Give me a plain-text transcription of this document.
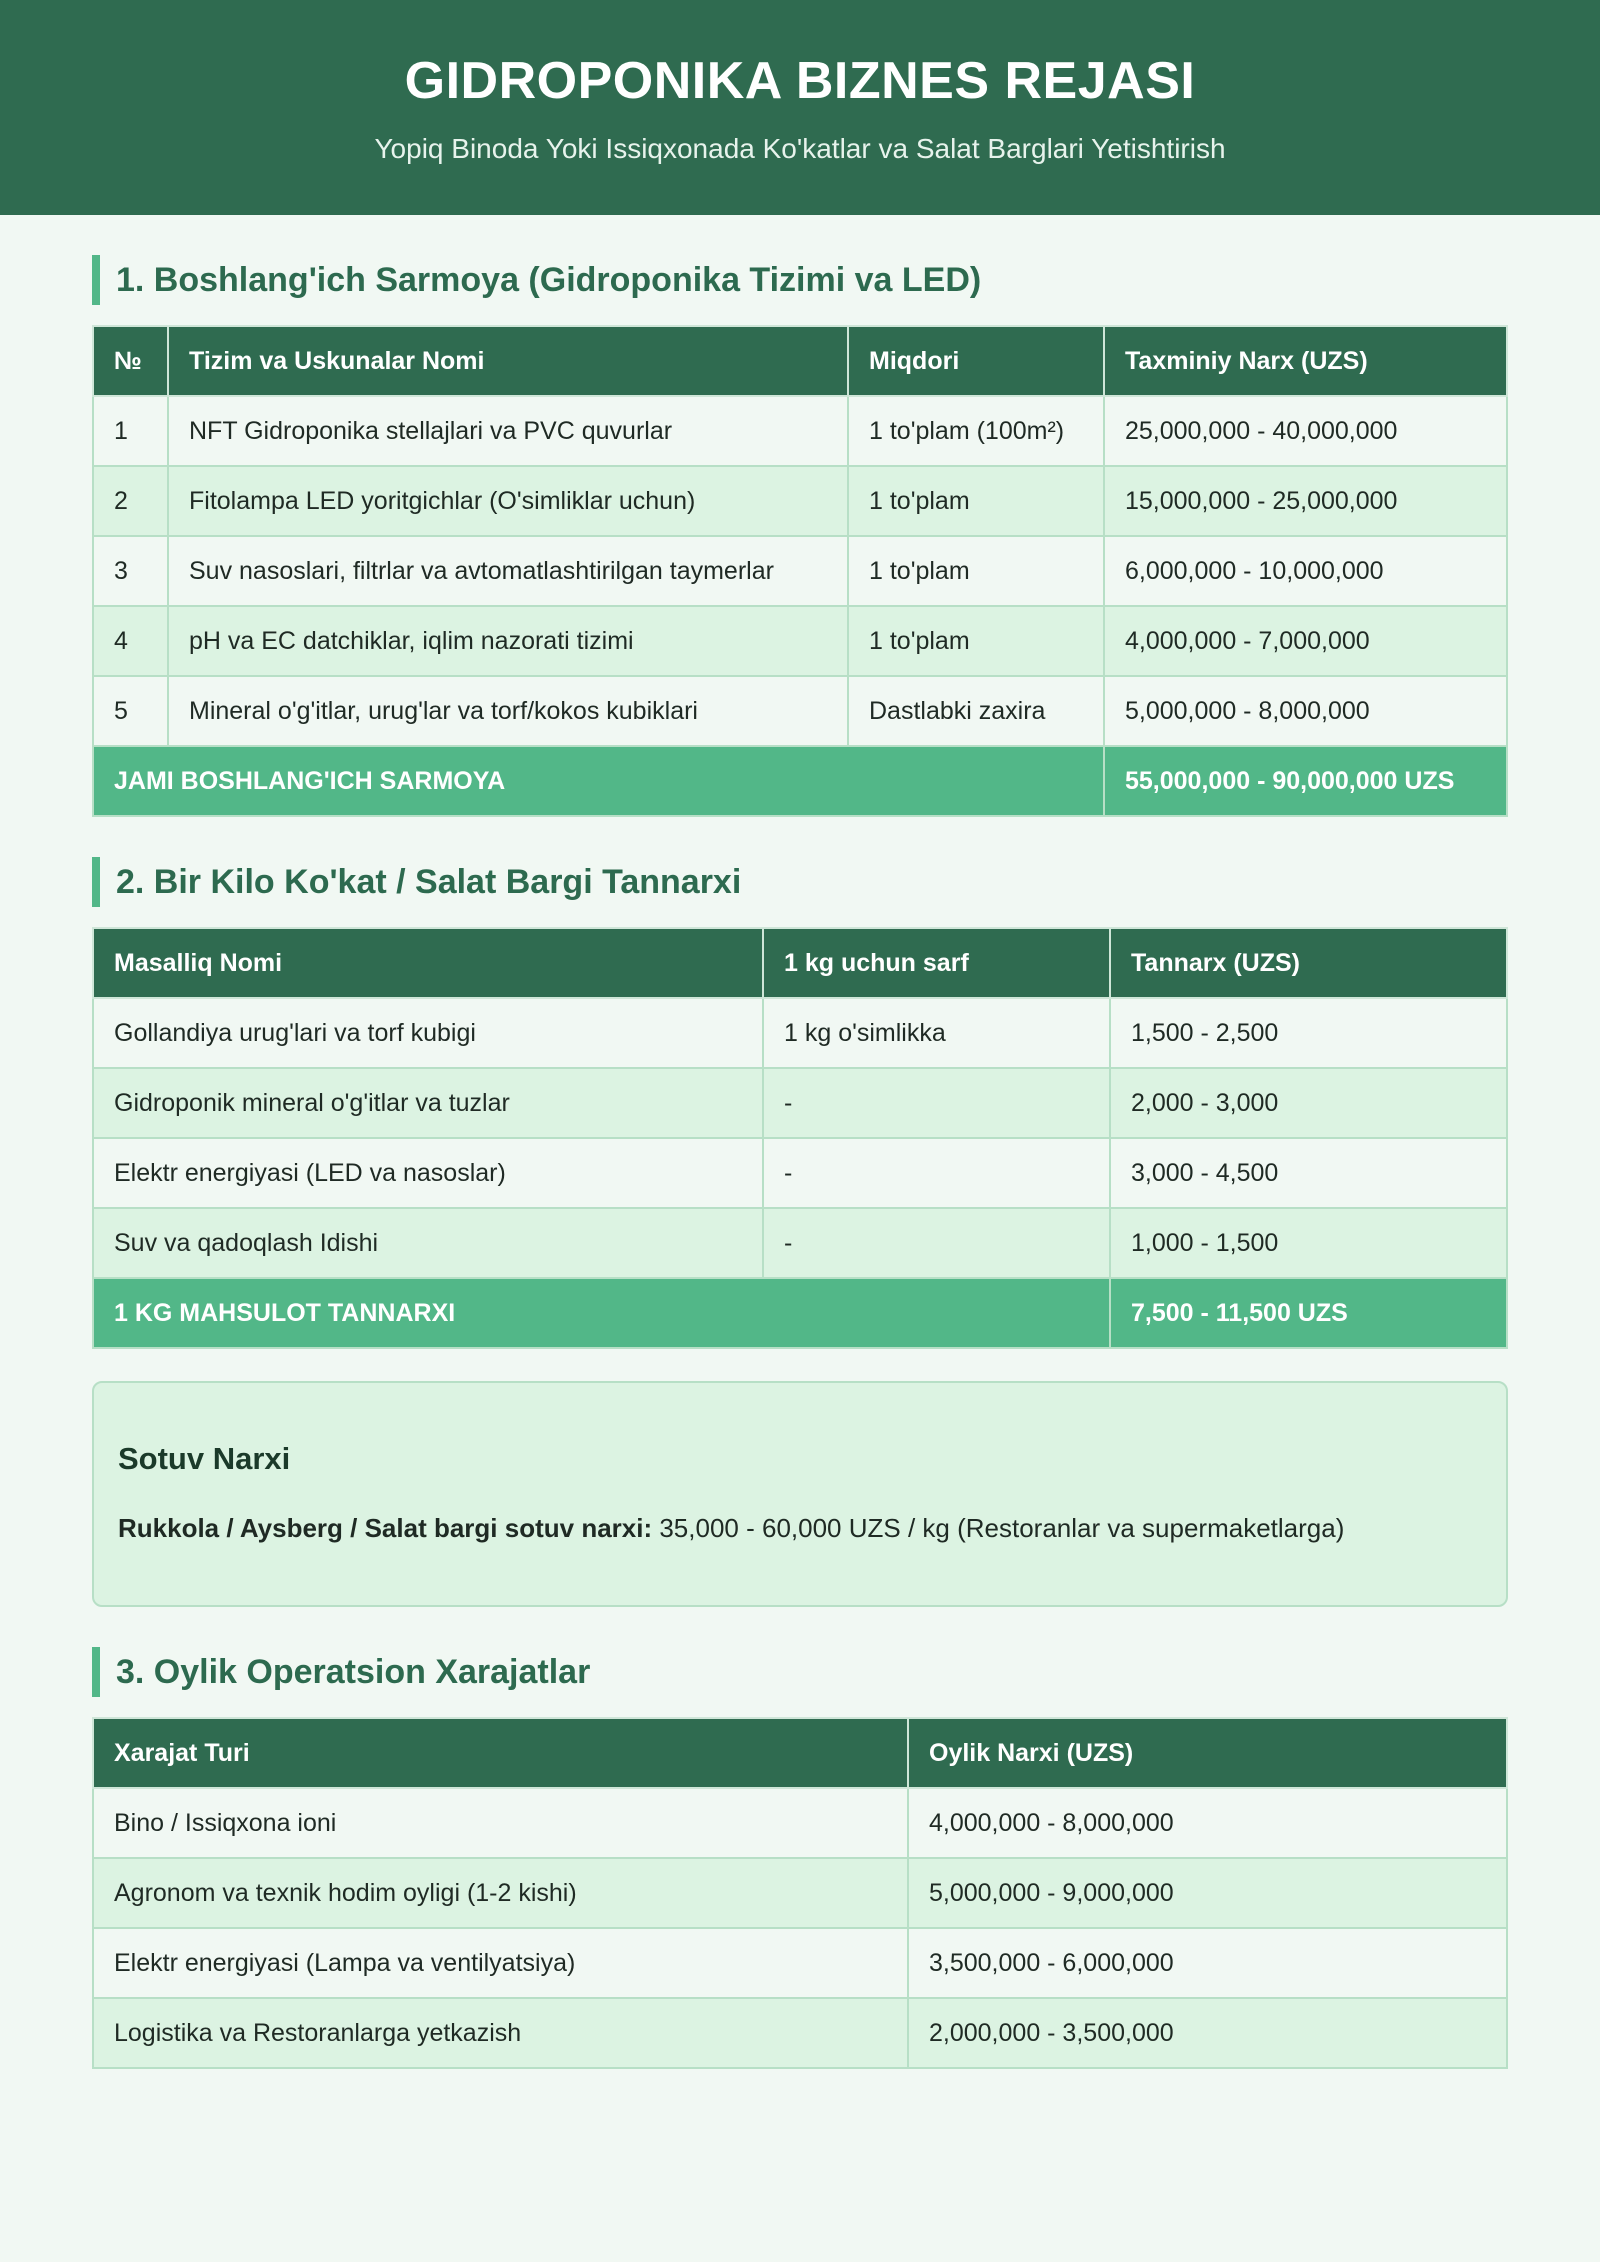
GIDROPONIKA BIZNES REJASI
Yopiq Binoda Yoki Issiqxonada Ko'katlar va Salat Barglari Yetishtirish
1. Boshlang'ich Sarmoya (Gidroponika Tizimi va LED)
№	Tizim va Uskunalar Nomi	Miqdori	Taxminiy Narx (UZS)
1	NFT Gidroponika stellajlari va PVC quvurlar	1 to'plam (100m²)	25,000,000 - 40,000,000
2	Fitolampa LED yoritgichlar (O'simliklar uchun)	1 to'plam	15,000,000 - 25,000,000
3	Suv nasoslari, filtrlar va avtomatlashtirilgan taymerlar	1 to'plam	6,000,000 - 10,000,000
4	pH va EC datchiklar, iqlim nazorati tizimi	1 to'plam	4,000,000 - 7,000,000
5	Mineral o'g'itlar, urug'lar va torf/kokos kubiklari	Dastlabki zaxira	5,000,000 - 8,000,000
JAMI BOSHLANG'ICH SARMOYA			55,000,000 - 90,000,000 UZS
2. Bir Kilo Ko'kat / Salat Bargi Tannarxi
Masalliq Nomi	1 kg uchun sarf	Tannarx (UZS)
Gollandiya urug'lari va torf kubigi	1 kg o'simlikka	1,500 - 2,500
Gidroponik mineral o'g'itlar va tuzlar	-	2,000 - 3,000
Elektr energiyasi (LED va nasoslar)	-	3,000 - 4,500
Suv va qadoqlash Idishi	-	1,000 - 1,500
1 KG MAHSULOT TANNARXI		7,500 - 11,500 UZS
Sotuv Narxi

Rukkola / Aysberg / Salat bargi sotuv narxi: 35,000 - 60,000 UZS / kg (Restoranlar va supermaketlarga)

3. Oylik Operatsion Xarajatlar
Xarajat Turi	Oylik Narxi (UZS)
Bino / Issiqxona ioni	4,000,000 - 8,000,000
Agronom va texnik hodim oyligi (1-2 kishi)	5,000,000 - 9,000,000
Elektr energiyasi (Lampa va ventilyatsiya)	3,500,000 - 6,000,000
Logistika va Restoranlarga yetkazish	2,000,000 - 3,500,000
